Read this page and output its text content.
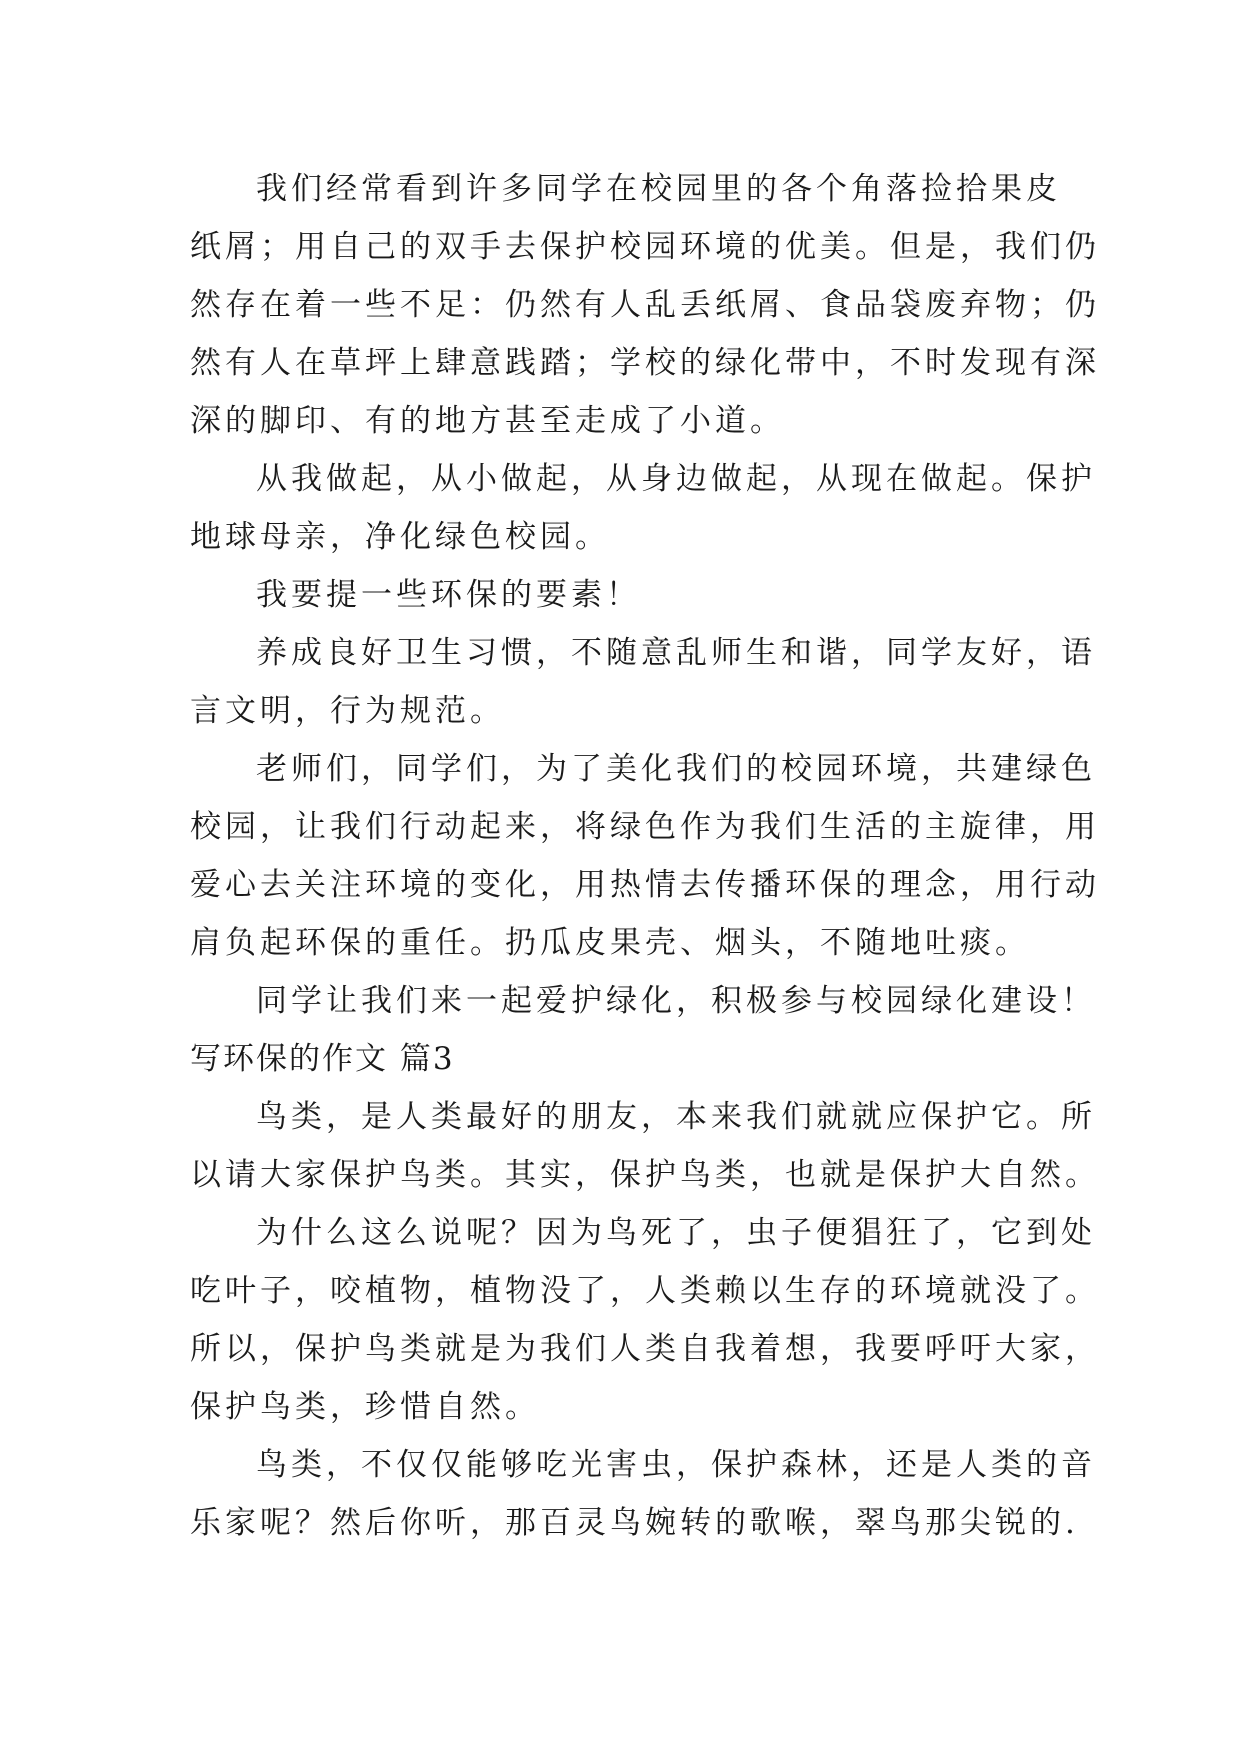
我们经常看到许多同学在校园里的各个角落捡拾果皮
纸屑；用自己的双手去保护校园环境的优美。但是，我们仍
然存在着一些不足：仍然有人乱丢纸屑、食品袋废弃物；仍
然有人在草坪上肆意践踏；学校的绿化带中，不时发现有深
深的脚印、有的地方甚至走成了小道。
从我做起，从小做起，从身边做起，从现在做起。保护
地球母亲，净化绿色校园。
我要提一些环保的要素！
养成良好卫生习惯，不随意乱师生和谐，同学友好，语
言文明，行为规范。
老师们，同学们，为了美化我们的校园环境，共建绿色
校园，让我们行动起来，将绿色作为我们生活的主旋律，用
爱心去关注环境的变化，用热情去传播环保的理念，用行动
肩负起环保的重任。扔瓜皮果壳、烟头，不随地吐痰。
同学让我们来一起爱护绿化，积极参与校园绿化建设！
写环保的作文 篇3
鸟类，是人类最好的朋友，本来我们就就应保护它。所
以请大家保护鸟类。其实，保护鸟类，也就是保护大自然。
为什么这么说呢？因为鸟死了，虫子便猖狂了，它到处
吃叶子，咬植物，植物没了，人类赖以生存的环境就没了。
所以，保护鸟类就是为我们人类自我着想，我要呼吁大家，
保护鸟类，珍惜自然。
鸟类，不仅仅能够吃光害虫，保护森林，还是人类的音
乐家呢？然后你听，那百灵鸟婉转的歌喉，翠鸟那尖锐的.
